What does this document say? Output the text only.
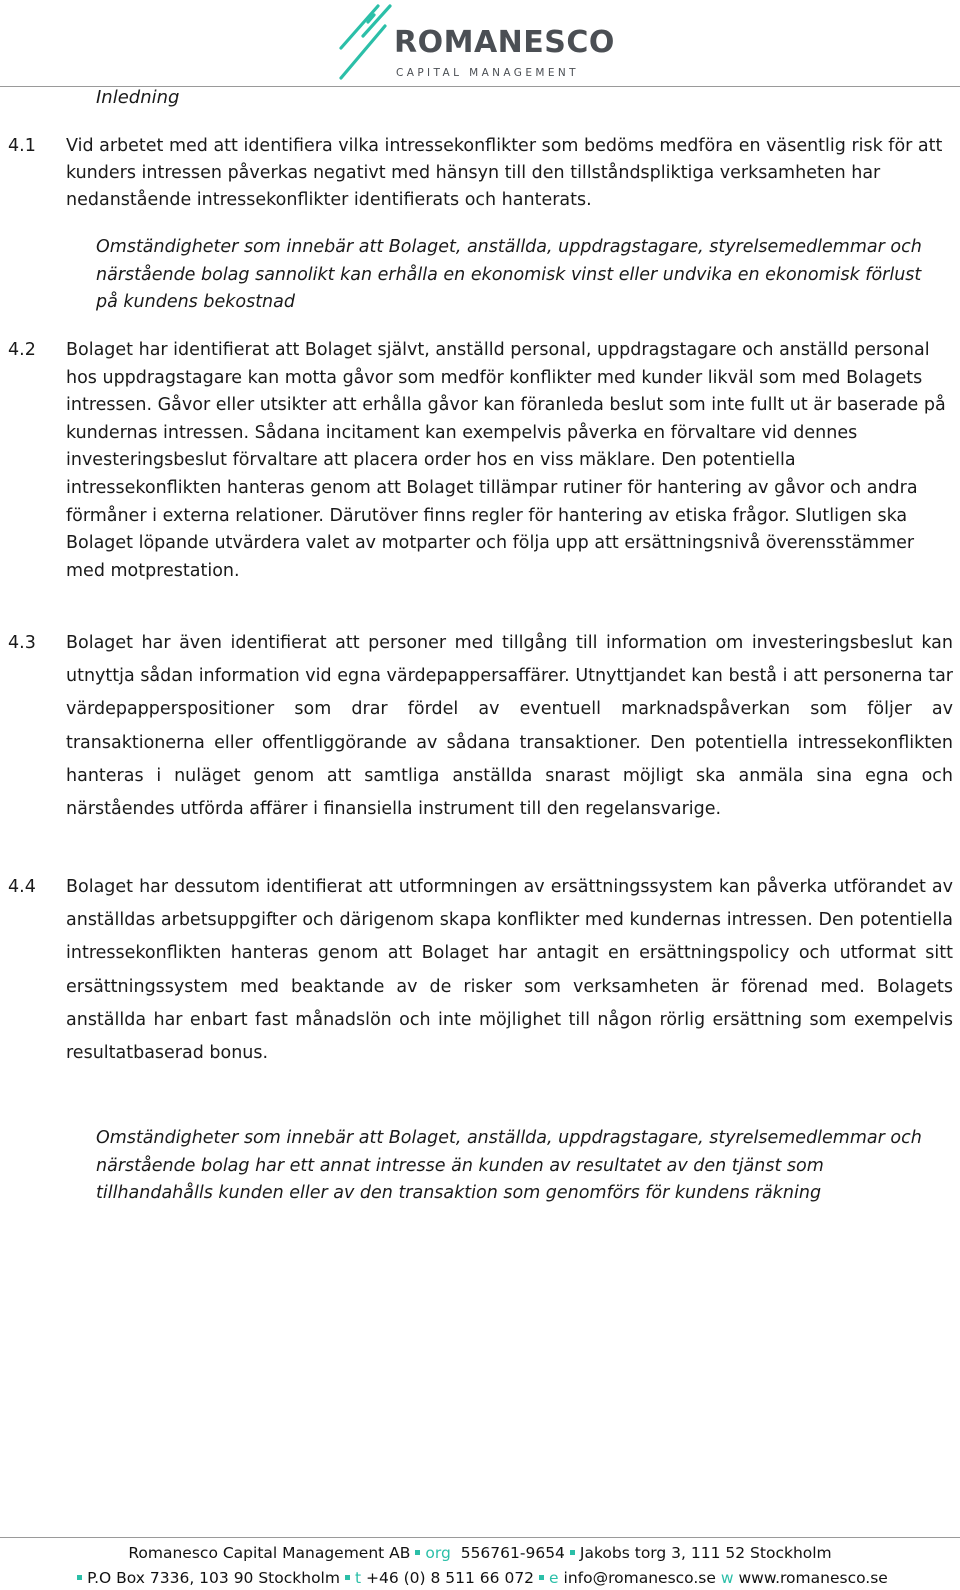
ROMANESCO
CAPITAL MANAGEMENT
Inledning
4.1 Vid arbetet med att identifiera vilka intressekonflikter som bedöms medföra en väsentlig risk för att kunders intressen påverkas negativt med hänsyn till den tillståndspliktiga verksamheten har nedanstående intressekonflikter identifierats och hanterats.
Omständigheter som innebär att Bolaget, anställda, uppdragstagare, styrelsemedlemmar och närstående bolag sannolikt kan erhålla en ekonomisk vinst eller undvika en ekonomisk förlust på kundens bekostnad
4.2 Bolaget har identifierat att Bolaget självt, anställd personal, uppdragstagare och anställd personal hos uppdragstagare kan motta gåvor som medför konflikter med kunder likväl som med Bolagets intressen. Gåvor eller utsikter att erhålla gåvor kan föranleda beslut som inte fullt ut är baserade på kundernas intressen. Sådana incitament kan exempelvis påverka en förvaltare vid dennes investeringsbeslut förvaltare att placera order hos en viss mäklare. Den potentiella intressekonflikten hanteras genom att Bolaget tillämpar rutiner för hantering av gåvor och andra förmåner i externa relationer. Därutöver finns regler för hantering av etiska frågor. Slutligen ska Bolaget löpande utvärdera valet av motparter och följa upp att ersättningsnivå överensstämmer med motprestation.
4.3 Bolaget har även identifierat att personer med tillgång till information om investeringsbeslut kan utnyttja sådan information vid egna värdepappersaffärer. Utnyttjandet kan bestå i att personerna tar värdepapperspositioner som drar fördel av eventuell marknadspåverkan som följer av transaktionerna eller offentliggörande av sådana transaktioner. Den potentiella intressekonflikten hanteras i nuläget genom att samtliga anställda snarast möjligt ska anmäla sina egna och närståendes utförda affärer i finansiella instrument till den regelansvarige.
4.4 Bolaget har dessutom identifierat att utformningen av ersättningssystem kan påverka utförandet av anställdas arbetsuppgifter och därigenom skapa konflikter med kundernas intressen. Den potentiella intressekonflikten hanteras genom att Bolaget har antagit en ersättningspolicy och utformat sitt ersättningssystem med beaktande av de risker som verksamheten är förenad med. Bolagets anställda har enbart fast månadslön och inte möjlighet till någon rörlig ersättning som exempelvis resultatbaserad bonus.
Omständigheter som innebär att Bolaget, anställda, uppdragstagare, styrelsemedlemmar och närstående bolag har ett annat intresse än kunden av resultatet av den tjänst som tillhandahålls kunden eller av den transaktion som genomförs för kundens räkning
Romanesco Capital Management AB org 556761-9654 Jakobs torg 3, 111 52 Stockholm
P.O Box 7336, 103 90 Stockholm t +46 (0) 8 511 66 072 e info@romanesco.se w www.romanesco.se
